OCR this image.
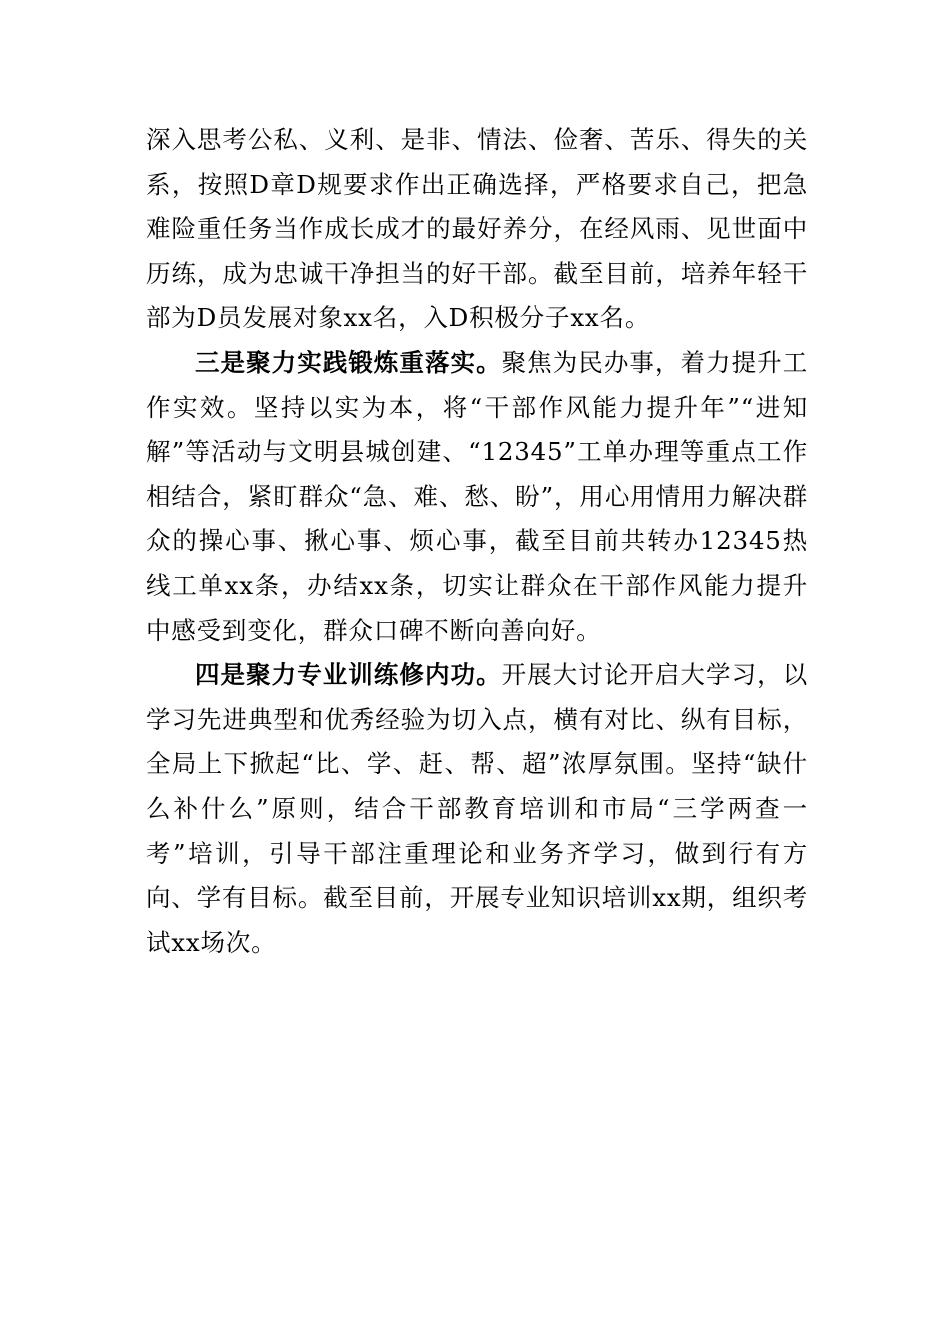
深入思考公私、义利、是非、情法、俭奢、苦乐、得失的关系，按照D章D规要求作出正确选择，严格要求自己，把急难险重任务当作成长成才的最好养分，在经风雨、见世面中历练，成为忠诚干净担当的好干部。截至目前，培养年轻干部为D员发展对象xx名，入D积极分子xx名。

三是聚力实践锻炼重落实。聚焦为民办事，着力提升工作实效。坚持以实为本，将“干部作风能力提升年”“进知解”等活动与文明县城创建、“12345”工单办理等重点工作相结合，紧盯群众“急、难、愁、盼”，用心用情用力解决群众的操心事、揪心事、烦心事，截至目前共转办12345热线工单xx条，办结xx条，切实让群众在干部作风能力提升中感受到变化，群众口碑不断向善向好。

四是聚力专业训练修内功。开展大讨论开启大学习，以学习先进典型和优秀经验为切入点，横有对比、纵有目标，全局上下掀起“比、学、赶、帮、超”浓厚氛围。坚持“缺什么补什么”原则，结合干部教育培训和市局“三学两查一考”培训，引导干部注重理论和业务齐学习，做到行有方向、学有目标。截至目前，开展专业知识培训xx期，组织考试xx场次。
